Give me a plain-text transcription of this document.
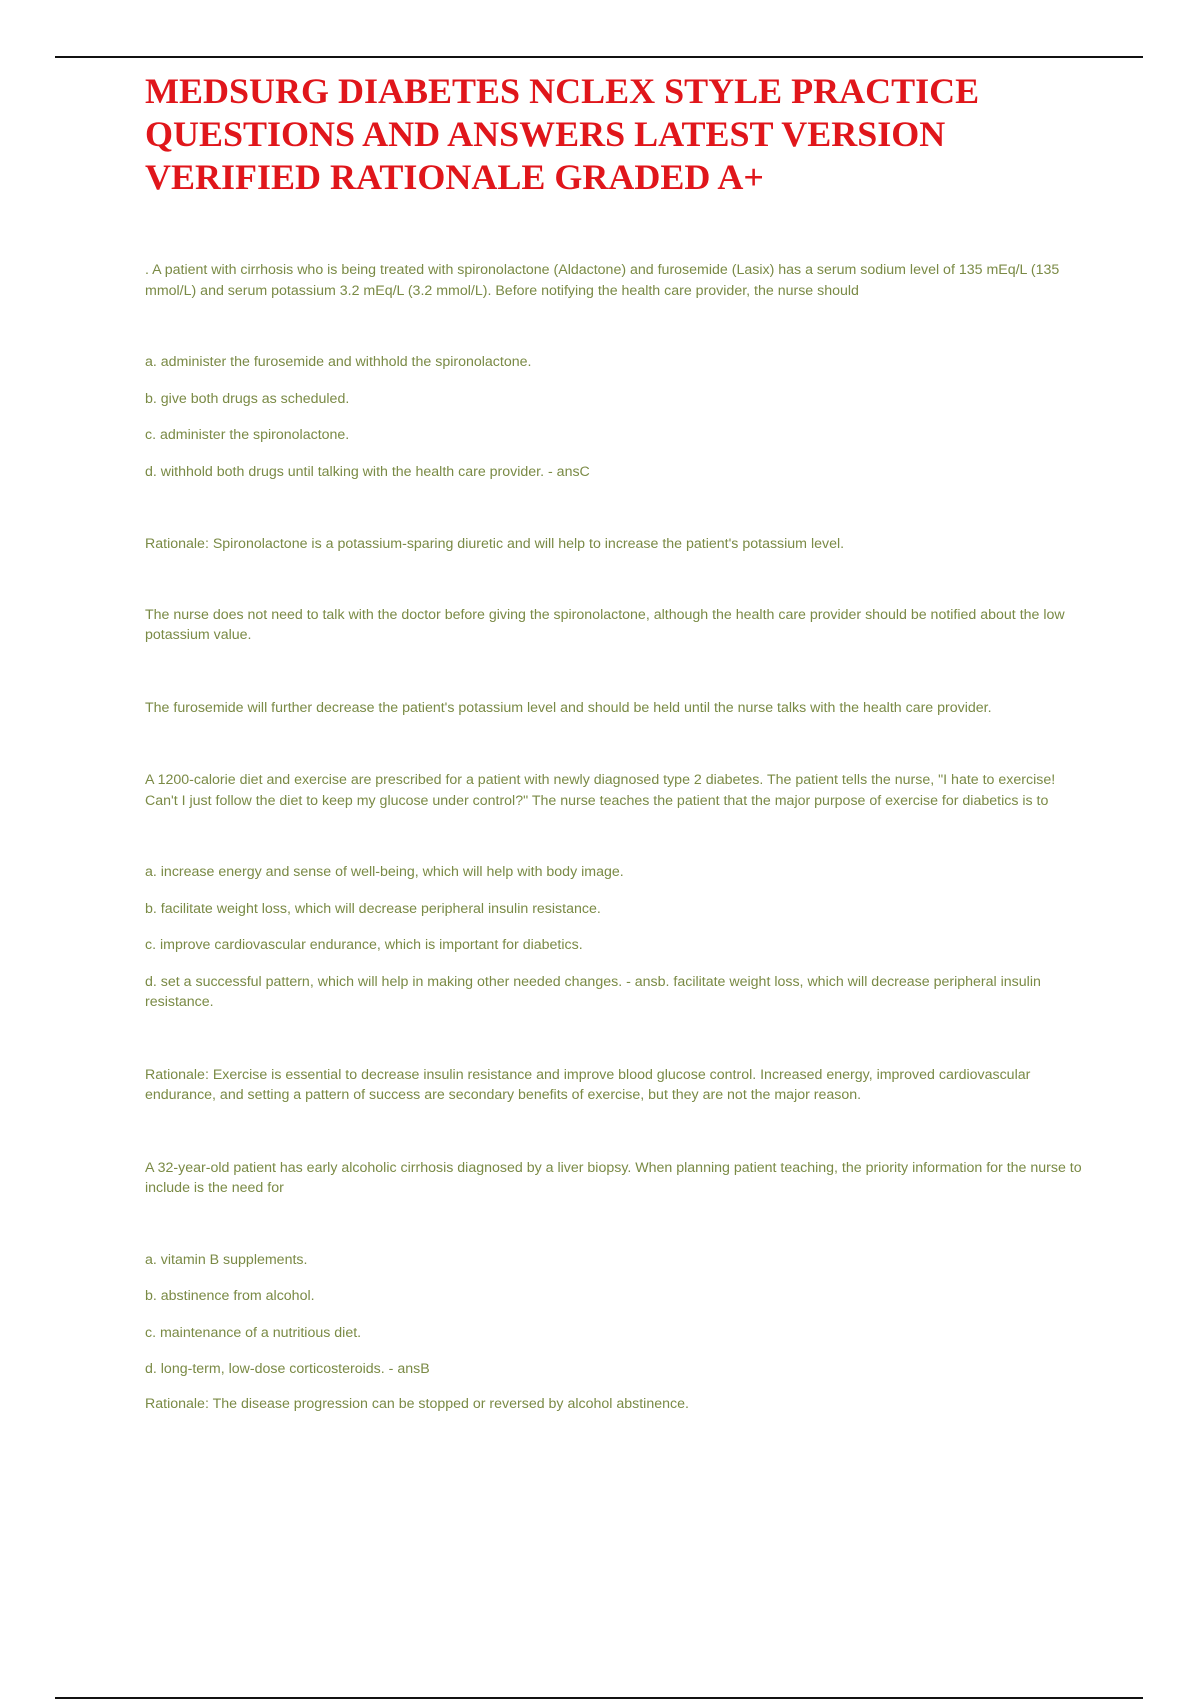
MEDSURG DIABETES NCLEX STYLE PRACTICE QUESTIONS AND ANSWERS LATEST VERSION VERIFIED RATIONALE GRADED A+

. A patient with cirrhosis who is being treated with spironolactone (Aldactone) and furosemide (Lasix) has a serum sodium level of 135 mEq/L (135 mmol/L) and serum potassium 3.2 mEq/L (3.2 mmol/L). Before notifying the health care provider, the nurse should

a. administer the furosemide and withhold the spironolactone.

b. give both drugs as scheduled.

c. administer the spironolactone.

d. withhold both drugs until talking with the health care provider. - ansC

Rationale: Spironolactone is a potassium-sparing diuretic and will help to increase the patient's potassium level.

The nurse does not need to talk with the doctor before giving the spironolactone, although the health care provider should be notified about the low potassium value.

The furosemide will further decrease the patient's potassium level and should be held until the nurse talks with the health care provider.

A 1200-calorie diet and exercise are prescribed for a patient with newly diagnosed type 2 diabetes. The patient tells the nurse, "I hate to exercise! Can't I just follow the diet to keep my glucose under control?" The nurse teaches the patient that the major purpose of exercise for diabetics is to

a. increase energy and sense of well-being, which will help with body image.

b. facilitate weight loss, which will decrease peripheral insulin resistance.

c. improve cardiovascular endurance, which is important for diabetics.

d. set a successful pattern, which will help in making other needed changes. - ansb. facilitate weight loss, which will decrease peripheral insulin resistance.

Rationale: Exercise is essential to decrease insulin resistance and improve blood glucose control. Increased energy, improved cardiovascular endurance, and setting a pattern of success are secondary benefits of exercise, but they are not the major reason.

A 32-year-old patient has early alcoholic cirrhosis diagnosed by a liver biopsy. When planning patient teaching, the priority information for the nurse to include is the need for

a. vitamin B supplements.

b. abstinence from alcohol.

c. maintenance of a nutritious diet.

d. long-term, low-dose corticosteroids. - ansB

Rationale: The disease progression can be stopped or reversed by alcohol abstinence.
